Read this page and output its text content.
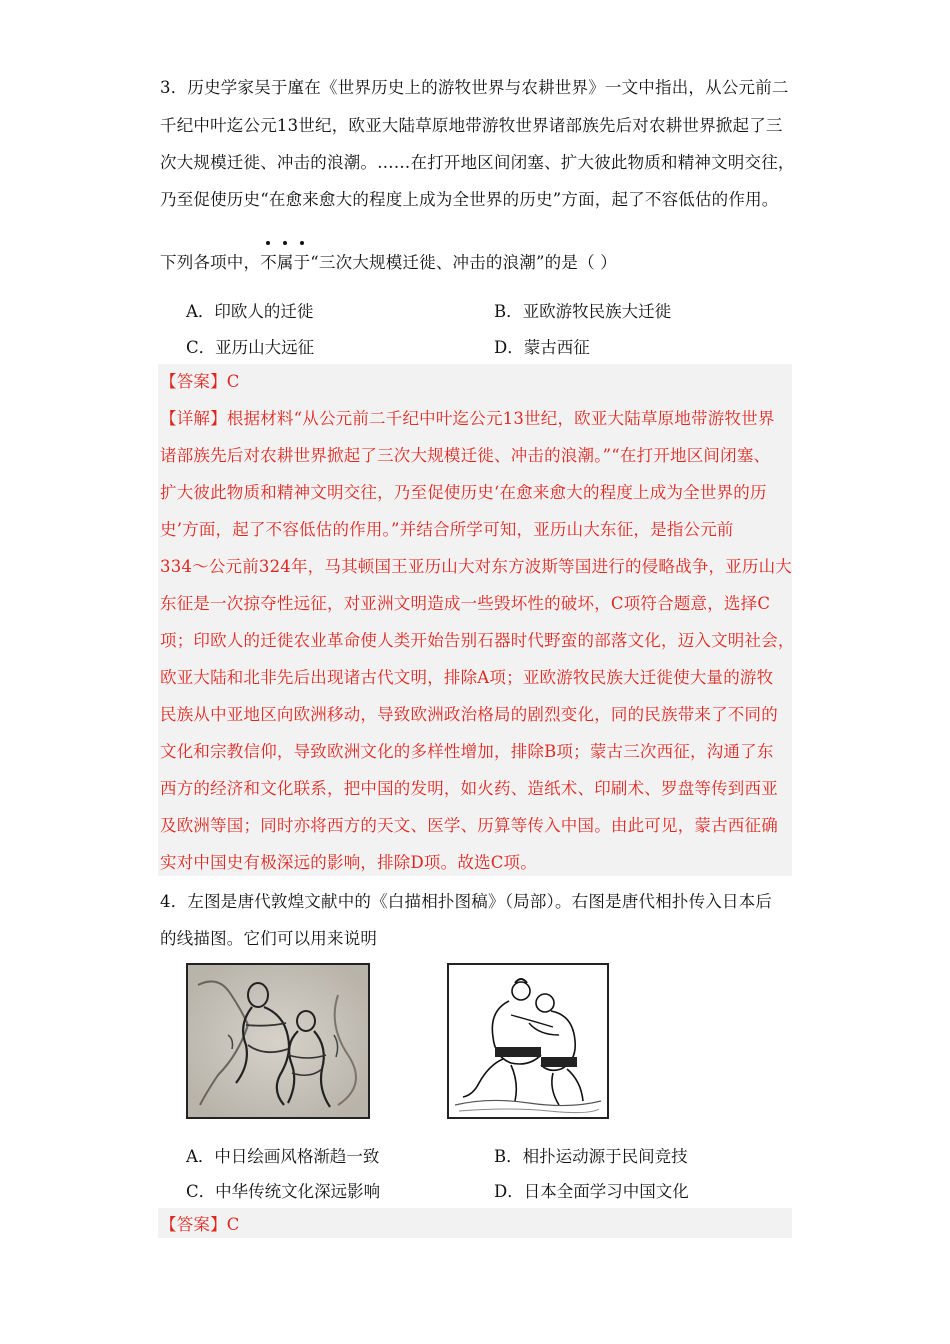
3．历史学家吴于廑在《世界历史上的游牧世界与农耕世界》一文中指出，从公元前二
千纪中叶迄公元13世纪，欧亚大陆草原地带游牧世界诸部族先后对农耕世界掀起了三
次大规模迁徙、冲击的浪潮。……在打开地区间闭塞、扩大彼此物质和精神文明交往，
乃至促使历史“在愈来愈大的程度上成为全世界的历史”方面，起了不容低估的作用。
下列各项中，不属于“三次大规模迁徙、冲击的浪潮”的是（ ）
A．印欧人的迁徙	B．亚欧游牧民族大迁徙
C．亚历山大远征	D．蒙古西征
【答案】C
【详解】根据材料“从公元前二千纪中叶迄公元13世纪，欧亚大陆草原地带游牧世界
诸部族先后对农耕世界掀起了三次大规模迁徙、冲击的浪潮。”“在打开地区间闭塞、
扩大彼此物质和精神文明交往，乃至促使历史‘在愈来愈大的程度上成为全世界的历
史’方面，起了不容低估的作用。”并结合所学可知，亚历山大东征，是指公元前
334～公元前324年，马其顿国王亚历山大对东方波斯等国进行的侵略战争，亚历山大
东征是一次掠夺性远征，对亚洲文明造成一些毁坏性的破坏，C项符合题意，选择C
项；印欧人的迁徙农业革命使人类开始告别石器时代野蛮的部落文化，迈入文明社会，
欧亚大陆和北非先后出现诸古代文明，排除A项；亚欧游牧民族大迁徙使大量的游牧
民族从中亚地区向欧洲移动，导致欧洲政治格局的剧烈变化，同的民族带来了不同的
文化和宗教信仰，导致欧洲文化的多样性增加，排除B项；蒙古三次西征，沟通了东
西方的经济和文化联系，把中国的发明，如火药、造纸术、印刷术、罗盘等传到西亚
及欧洲等国；同时亦将西方的天文、医学、历算等传入中国。由此可见，蒙古西征确
实对中国史有极深远的影响，排除D项。故选C项。
4．左图是唐代敦煌文献中的《白描相扑图稿》（局部）。右图是唐代相扑传入日本后
的线描图。它们可以用来说明
A．中日绘画风格渐趋一致	B．相扑运动源于民间竞技
C．中华传统文化深远影响	D．日本全面学习中国文化
【答案】C
